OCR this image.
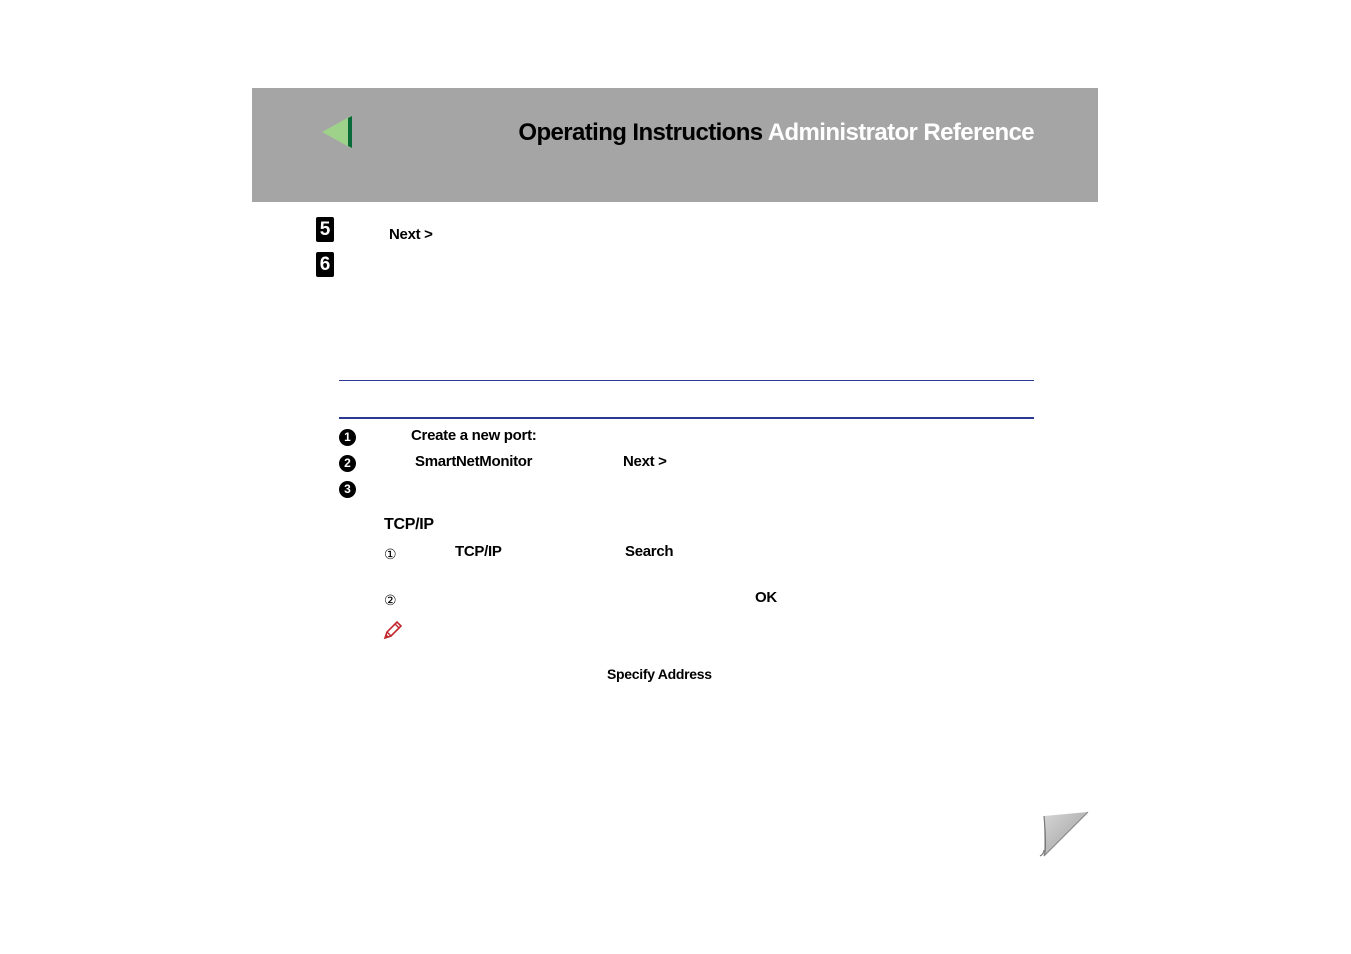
Operating Instructions Administrator Reference
5	Next >
6
1	Create a new port:
2	SmartNetMonitor	Next >
3
TCP/IP
①	TCP/IP	Search
②	OK
Specify Address
